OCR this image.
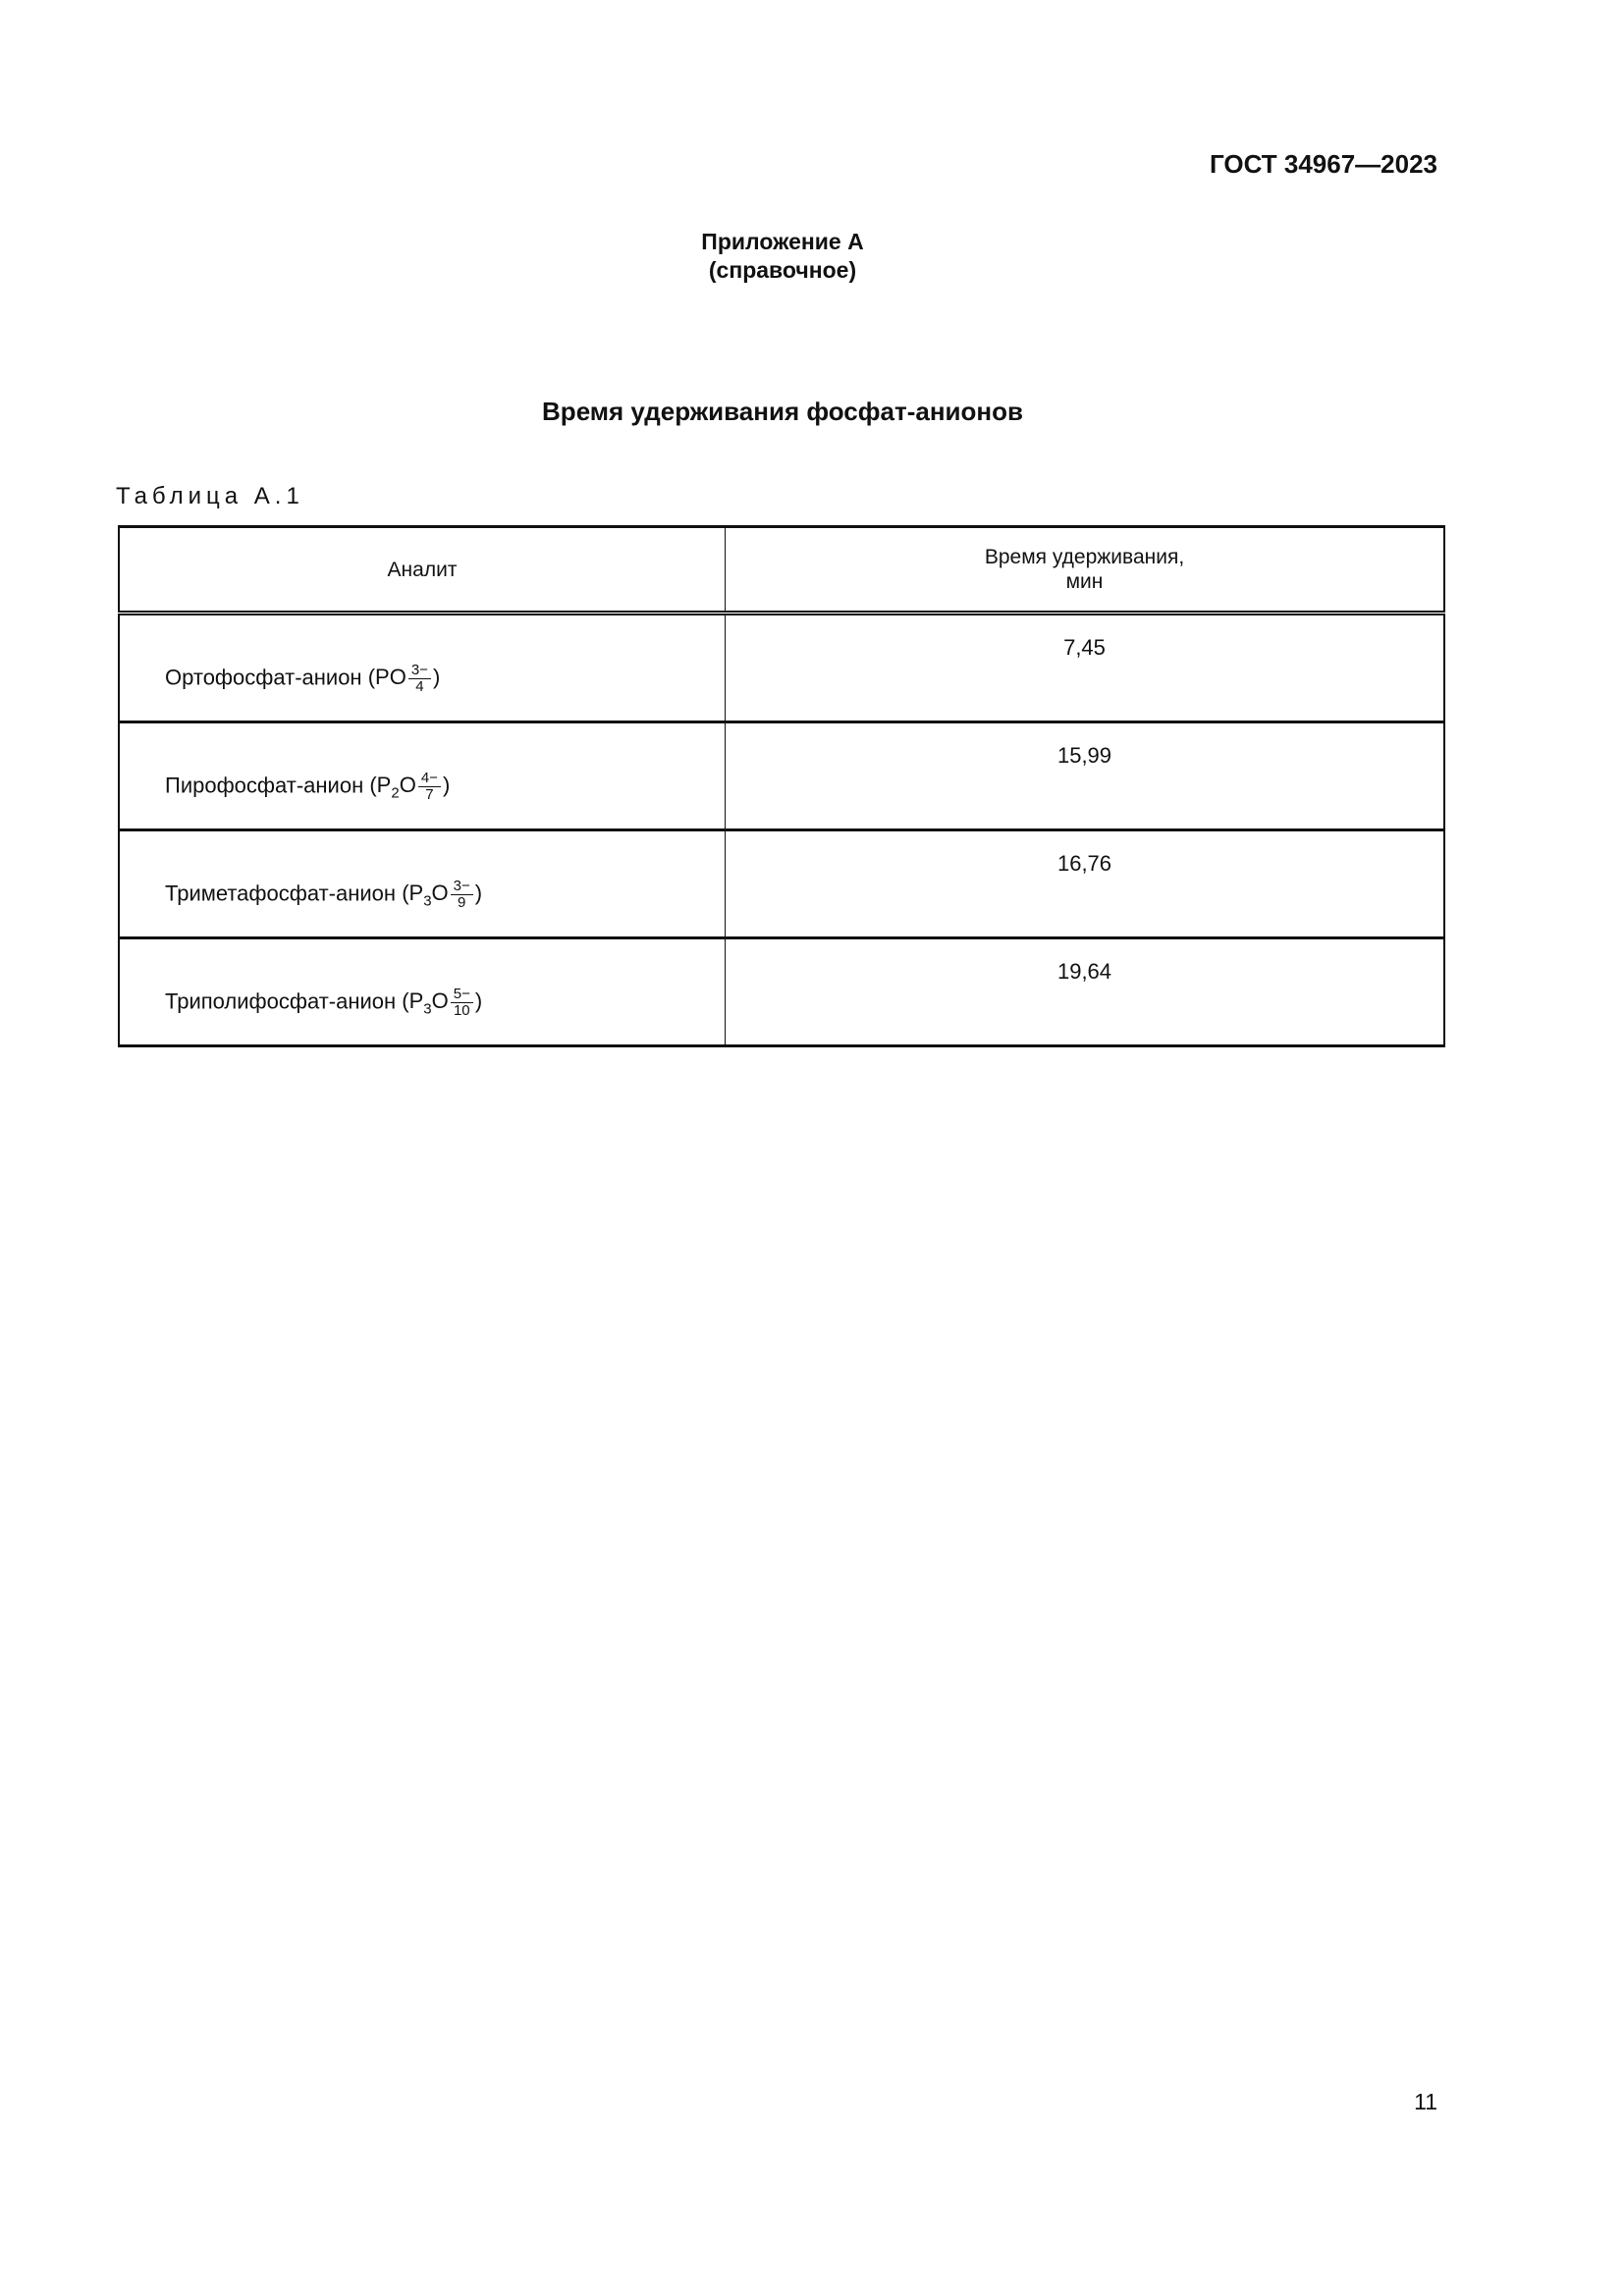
ГОСТ 34967—2023
Приложение А
(справочное)
Время удерживания фосфат-анионов
Таблица А.1
Аналит	Время удерживания,
мин

Ортофосфат-анион ($PO \frac{3-}{4}$ )	7,45
Пирофосфат-анион ($P_2O \frac{4-}{7}$ )	15,99
Триметафосфат-анион ($P_3O \frac{3-}{9}$ )	16,76
Триполифосфат-анион ($P_3O \frac{5-}{10}$ )	19,64
11
